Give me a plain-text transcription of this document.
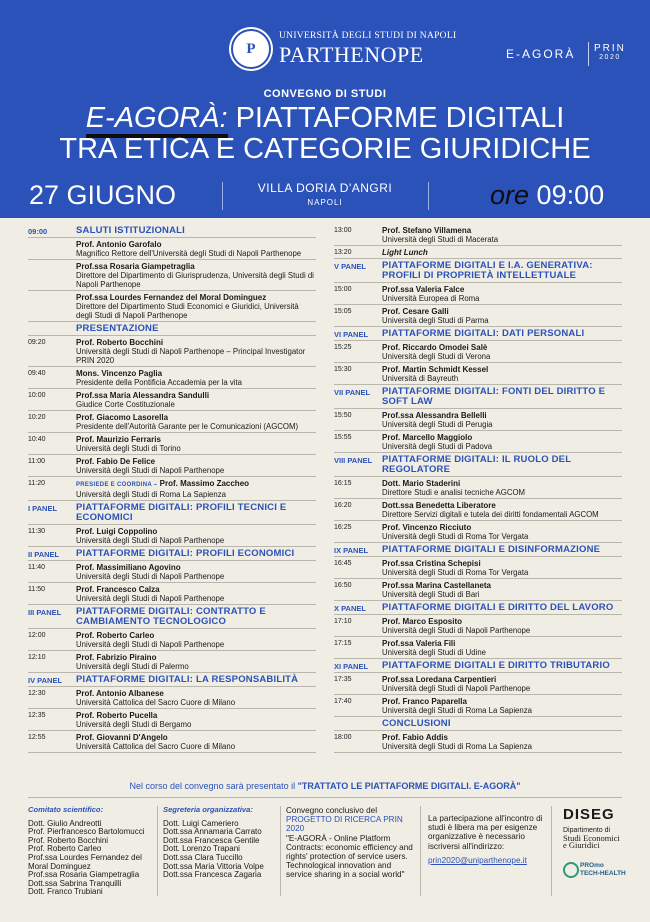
P
UNIVERSITÀ DEGLI STUDI DI NAPOLI
PARTHENOPE	E-AGORÀ PRIN
2020
CONVEGNO DI STUDI
E-AGORÀ: PIATTAFORME DIGITALI
TRA ETICA E CATEGORIE GIURIDICHE
27 GIUGNO	VILLA DORIA D'ANGRI
NAPOLI	ore 09:00
09:00	SALUTI ISTITUZIONALI
Prof. Antonio Garofalo
Magnifico Rettore dell'Università degli Studi di Napoli Parthenope
Prof.ssa Rosaria Giampetraglia
Direttore del Dipartimento di Giurisprudenza, Università degli Studi di Napoli Parthenope
Prof.ssa Lourdes Fernandez del Moral Dominguez
Direttore del Dipartimento Studi Economici e Giuridici, Università degli Studi di Napoli Parthenope
PRESENTAZIONE
09:20	Prof. Roberto Bocchini
Università degli Studi di Napoli Parthenope – Principal Investigator PRIN 2020
09:40	Mons. Vincenzo Paglia
Presidente della Pontificia Accademia per la vita
10:00	Prof.ssa Maria Alessandra Sandulli
Giudice Corte Costituzionale
10:20	Prof. Giacomo Lasorella
Presidente dell'Autorità Garante per le Comunicazioni (AGCOM)
10:40	Prof. Maurizio Ferraris
Università degli Studi di Torino
11:00	Prof. Fabio De Felice
Università degli Studi di Napoli Parthenope
11:20	PRESIEDE E COORDINA – Prof. Massimo Zaccheo
Università degli Studi di Roma La Sapienza
I PANEL	PIATTAFORME DIGITALI: PROFILI TECNICI E ECONOMICI
11:30	Prof. Luigi Coppolino
Università degli Studi di Napoli Parthenope
II PANEL	PIATTAFORME DIGITALI: PROFILI ECONOMICI
11:40	Prof. Massimiliano Agovino
Università degli Studi di Napoli Parthenope
11:50	Prof. Francesco Calza
Università degli Studi di Napoli Parthenope
III PANEL	PIATTAFORME DIGITALI: CONTRATTO E CAMBIAMENTO TECNOLOGICO
12:00	Prof. Roberto Carleo
Università degli Studi di Napoli Parthenope
12:10	Prof. Fabrizio Piraino
Università degli Studi di Palermo
IV PANEL	PIATTAFORME DIGITALI: LA RESPONSABILITÀ
12:30	Prof. Antonio Albanese
Università Cattolica del Sacro Cuore di Milano
12:35	Prof. Roberto Pucella
Università degli Studi di Bergamo
12:55	Prof. Giovanni D'Angelo
Università Cattolica del Sacro Cuore di Milano
13:00	Prof. Stefano Villamena
Università degli Studi di Macerata
13:20	Light Lunch
V PANEL	PIATTAFORME DIGITALI E I.A. GENERATIVA: PROFILI DI PROPRIETÀ INTELLETTUALE
15:00	Prof.ssa Valeria Falce
Università Europea di Roma
15:05	Prof. Cesare Galli
Università degli Studi di Parma
VI PANEL	PIATTAFORME DIGITALI: DATI PERSONALI
15:25	Prof. Riccardo Omodei Salè
Università degli Studi di Verona
15:30	Prof. Martin Schmidt Kessel
Università di Bayreuth
VII PANEL	PIATTAFORME DIGITALI: FONTI DEL DIRITTO E SOFT LAW
15:50	Prof.ssa Alessandra Bellelli
Università degli Studi di Perugia
15:55	Prof. Marcello Maggiolo
Università degli Studi di Padova
VIII PANEL	PIATTAFORME DIGITALI: IL RUOLO DEL REGOLATORE
16:15	Dott. Mario Staderini
Direttore Studi e analisi tecniche AGCOM
16:20	Dott.ssa Benedetta Liberatore
Direttore Servizi digitali e tutela dei diritti fondamentali AGCOM
16:25	Prof. Vincenzo Ricciuto
Università degli Studi di Roma Tor Vergata
IX PANEL	PIATTAFORME DIGITALI E DISINFORMAZIONE
16:45	Prof.ssa Cristina Schepisi
Università degli Studi di Roma Tor Vergata
16:50	Prof.ssa Marina Castellaneta
Università degli Studi di Bari
X PANEL	PIATTAFORME DIGITALI E DIRITTO DEL LAVORO
17:10	Prof. Marco Esposito
Università degli Studi di Napoli Parthenope
17:15	Prof.ssa Valeria Fili
Università degli Studi di Udine
XI PANEL	PIATTAFORME DIGITALI E DIRITTO TRIBUTARIO
17:35	Prof.ssa Loredana Carpentieri
Università degli Studi di Napoli Parthenope
17:40	Prof. Franco Paparella
Università degli Studi di Roma La Sapienza
CONCLUSIONI
18:00	Prof. Fabio Addis
Università degli Studi di Roma La Sapienza
Nel corso del convegno sarà presentato il "TRATTATO LE PIATTAFORME DIGITALI. E-AGORÀ"
Comitato scientifico:
Dott. Giulio Andreotti
Prof. Pierfrancesco Bartolomucci
Prof. Roberto Bocchini
Prof. Roberto Carleo
Prof.ssa Lourdes Fernandez del Moral Dominguez
Prof.ssa Rosaria Giampetraglia
Dott.ssa Sabrina Tranquilli
Dott. Franco Trubiani
Segreteria organizzativa:
Dott. Luigi Cameriero
Dott.ssa Annamaria Carrato
Dott.ssa Francesca Gentile
Dott. Lorenzo Trapani
Dott.ssa Clara Tuccillo
Dott.ssa Maria Vittoria Volpe
Dott.ssa Francesca Zagaria
Convegno conclusivo del
PROGETTO DI RICERCA PRIN 2020
"E-AGORÀ - Online Platform Contracts: economic efficiency and rights' protection of service users. Technological innovation and service sharing in a social world"
La partecipazione all'incontro di studi è libera ma per esigenze organizzative è necessario iscriversi all'indirizzo:
prin2020@uniparthenope.it
DISEG
Dipartimento di
Studi Economici
e Giuridici
PROmo
TECH-HEALTH
